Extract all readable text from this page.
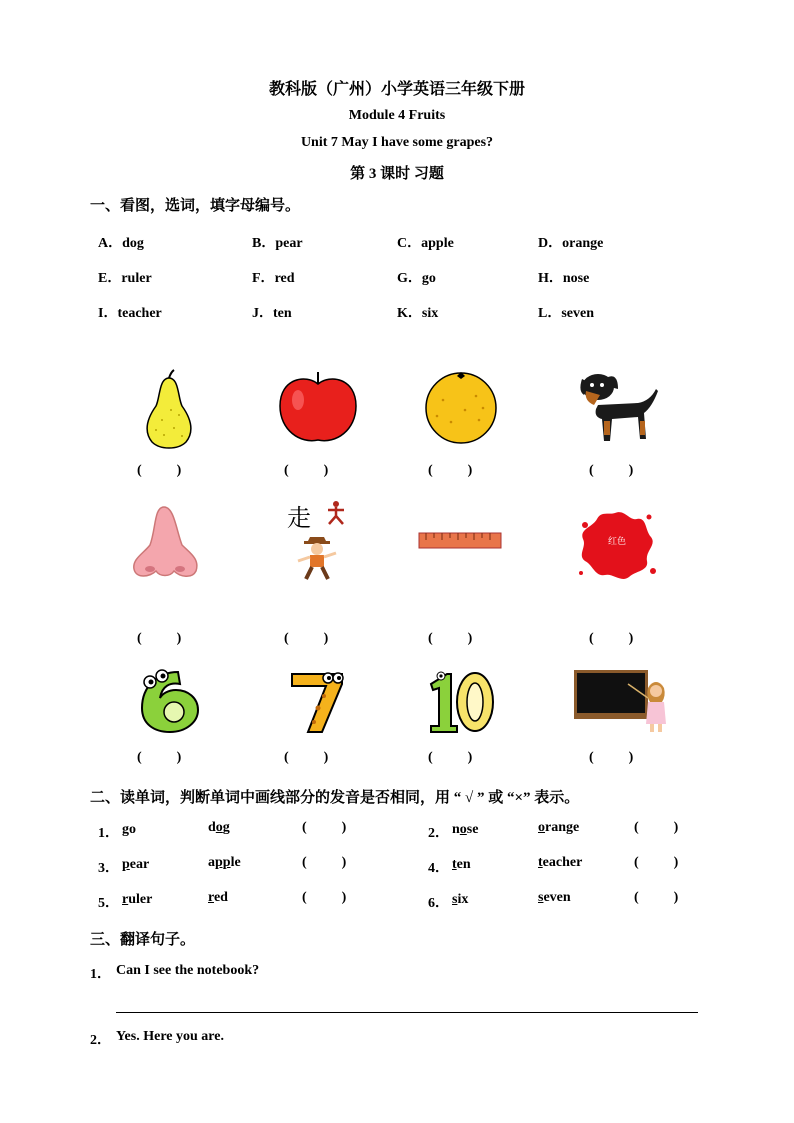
教科版（广州）小学英语三年级下册
Module 4 Fruits
Unit 7 May I have some grapes?
第 3 课时 习题
一、看图，选词，填字母编号。
A．dog	B．pear	C．apple	D．orange
E．ruler	F．red	G．go	H．nose
I．teacher	J．ten	K．six	L．seven
走
红色
(          )	(          )	(          )	(          )
(          )	(          )	(          )	(          )
(          )	(          )	(          )	(          )
二、读单词，判断单词中画线部分的发音是否相同，用 “ √ ” 或 “×” 表示。
1． go	dog	(          )	2． nose	orange	(          )
3． pear	apple	(          )	4． ten	teacher	(          )
5． ruler	red	(          )	6． six	seven	(          )
三、翻译句子。
1． Can I see the notebook?
2． Yes. Here you are.
